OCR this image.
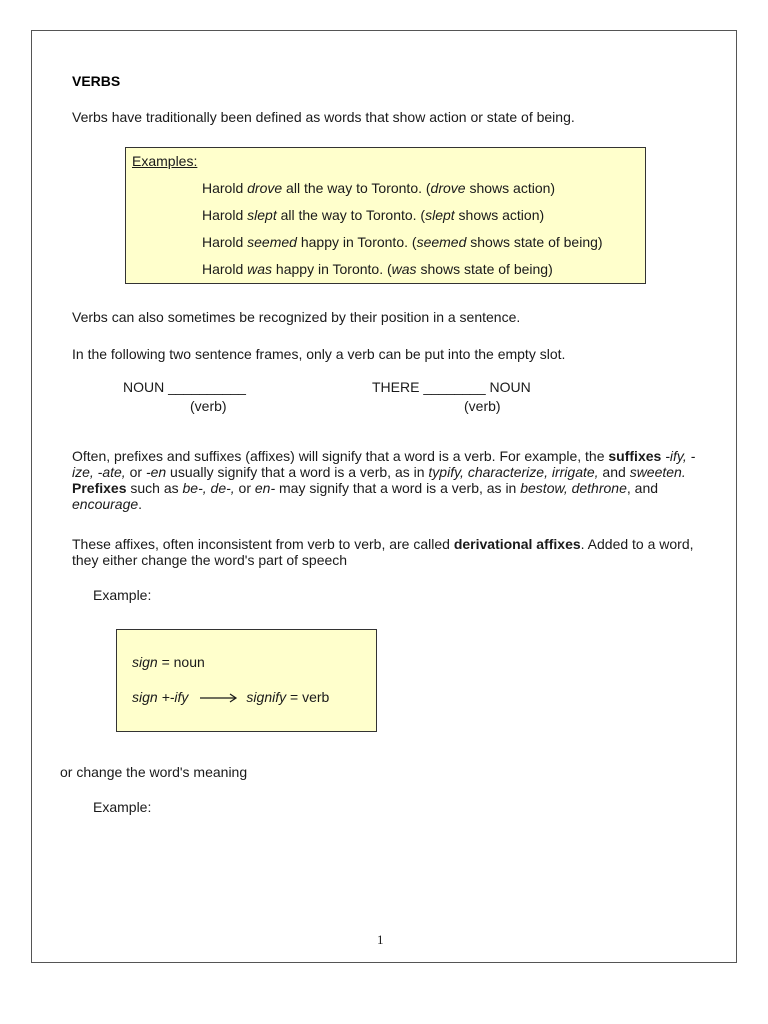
VERBS

Verbs have traditionally been defined as words that show action or state of being.

Examples:

Harold drove all the way to Toronto. (drove shows action)

Harold slept all the way to Toronto. (slept shows action)

Harold seemed happy in Toronto. (seemed shows state of being)

Harold was happy in Toronto. (was shows state of being)

Verbs can also sometimes be recognized by their position in a sentence.

In the following two sentence frames, only a verb can be put into the empty slot.

NOUN __________

(verb)

THERE ________ NOUN

(verb)

Often, prefixes and suffixes (affixes) will signify that a word is a verb. For example, the suffixes -ify, -ize, -ate, or -en usually signify that a word is a verb, as in typify, characterize, irrigate, and sweeten. Prefixes such as be-, de-, or en- may signify that a word is a verb, as in bestow, dethrone, and encourage.

These affixes, often inconsistent from verb to verb, are called derivational affixes. Added to a word, they either change the word's part of speech

Example:

sign = noun

sign +-ify	signify = verb

or change the word's meaning

Example:

1
